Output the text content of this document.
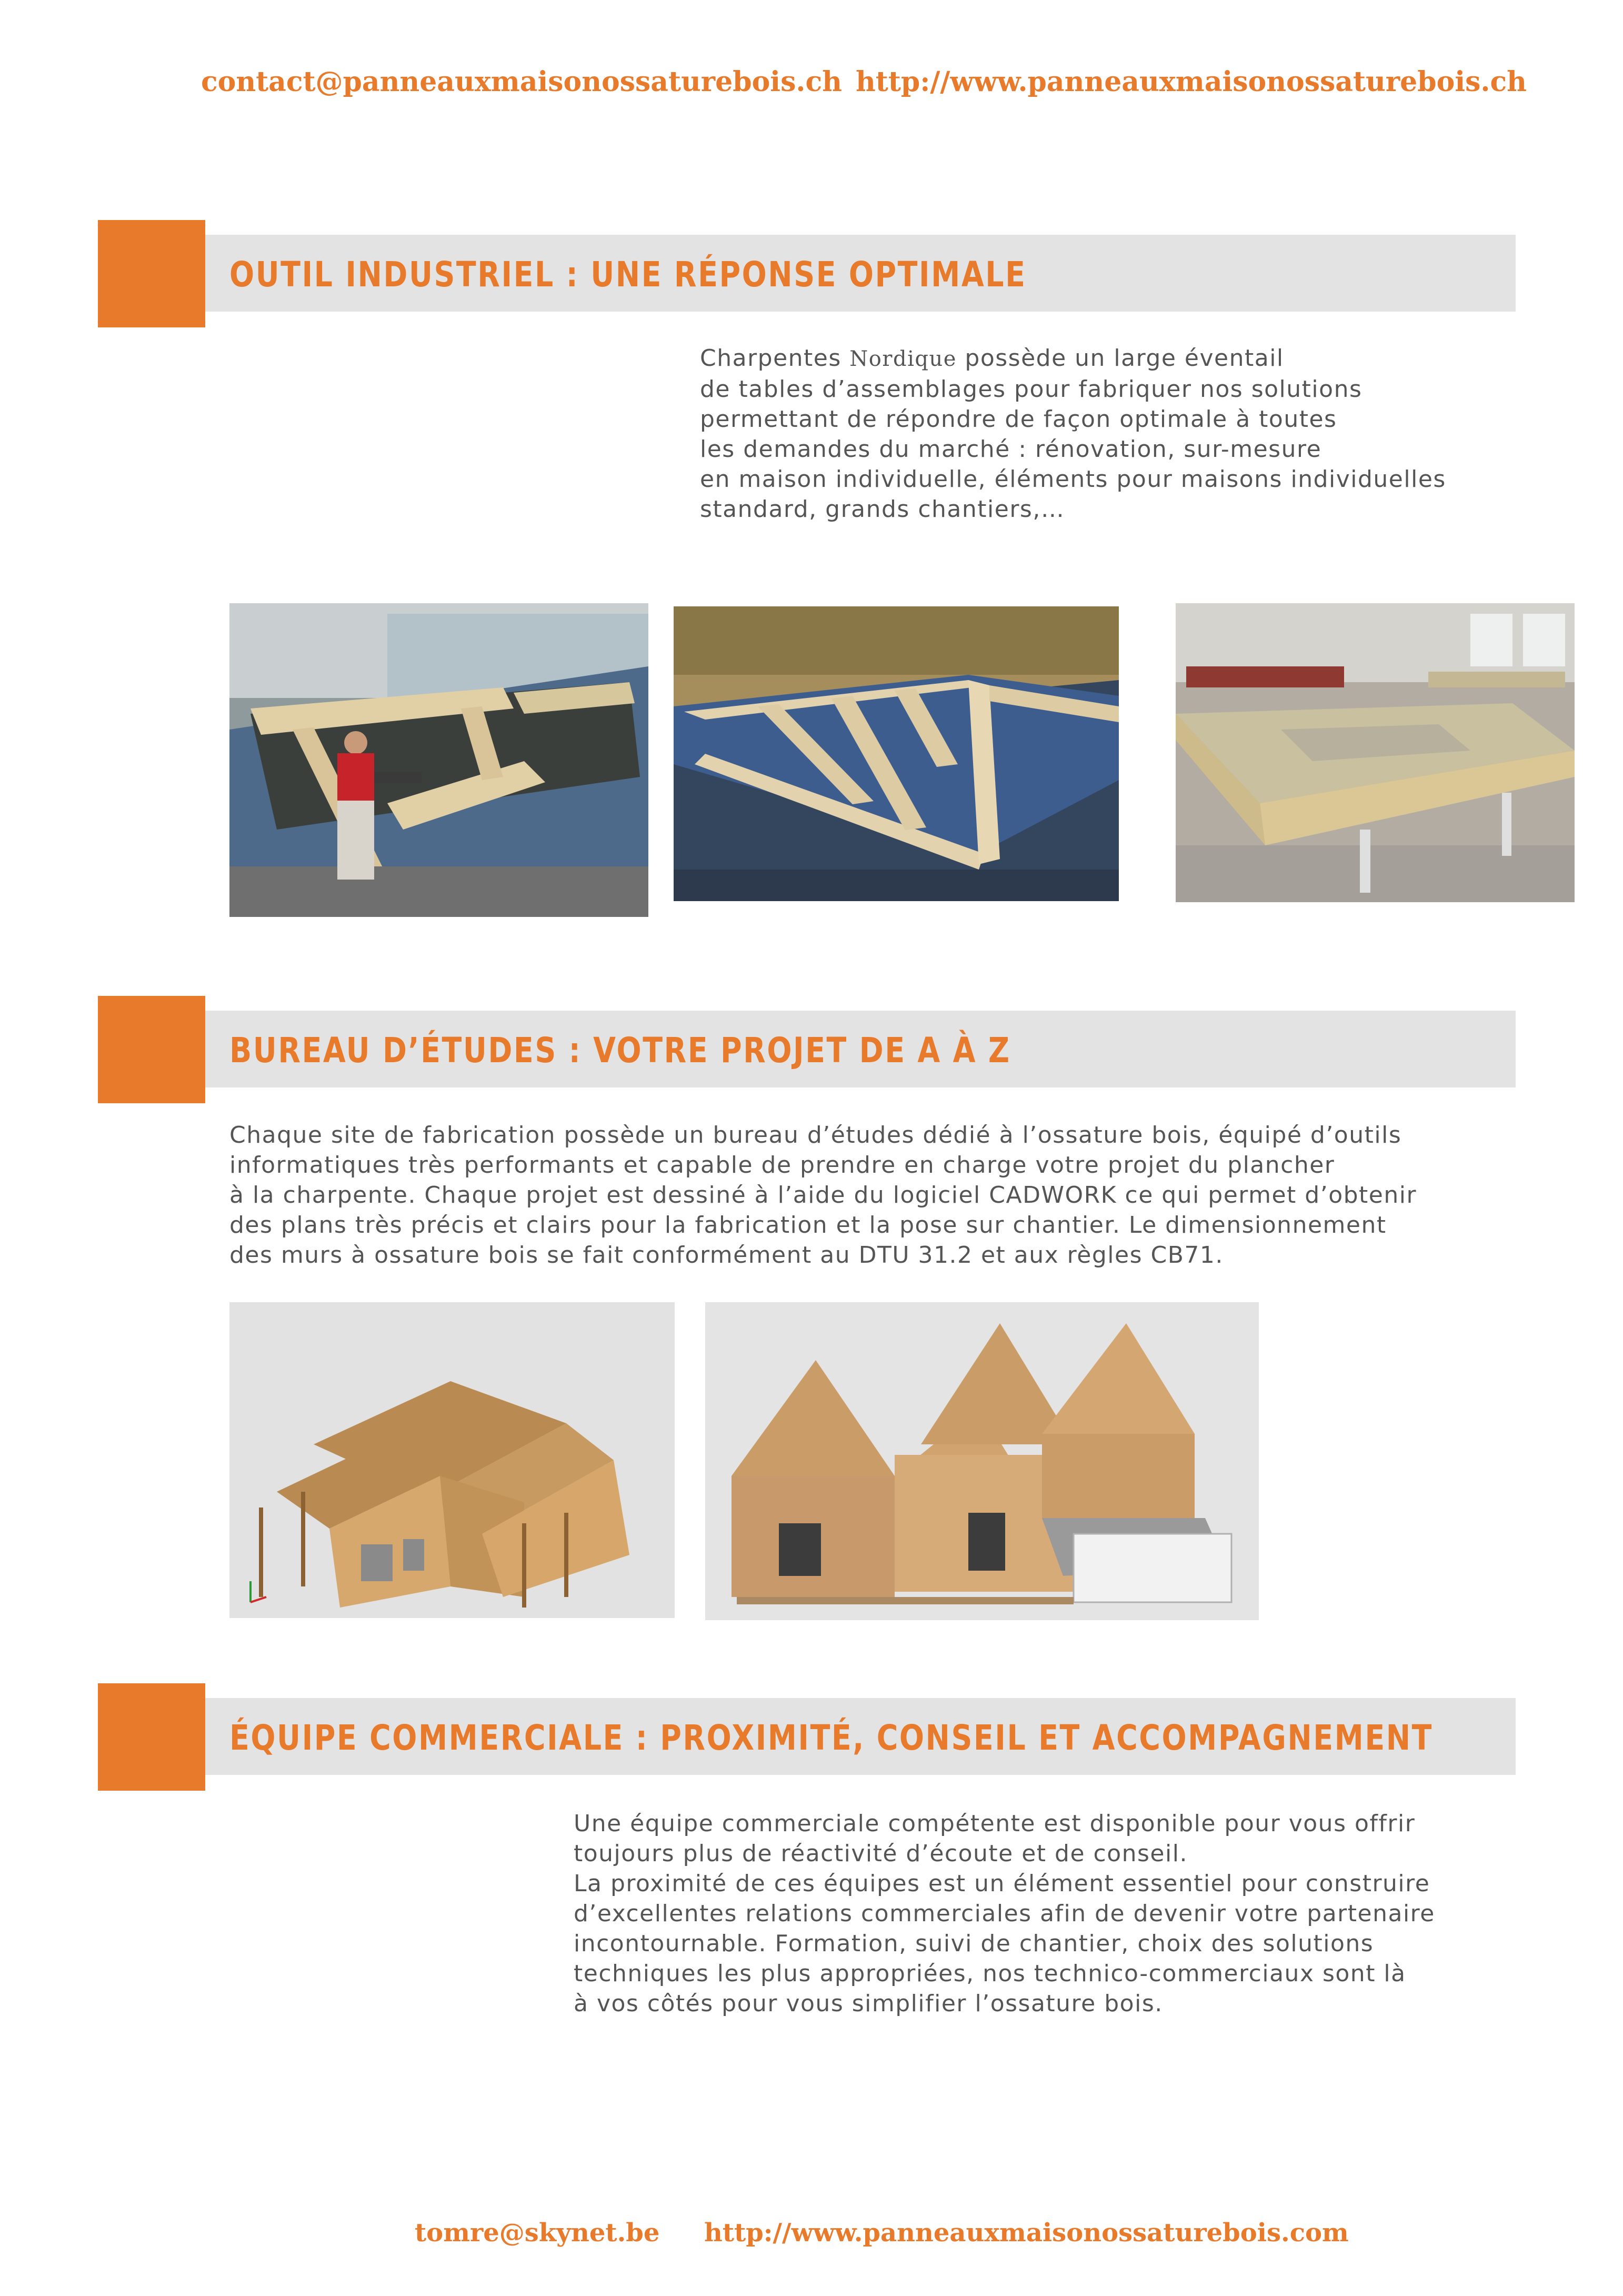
contact@panneauxmaisonossaturebois.ch http://www.panneauxmaisonossaturebois.ch
OUTIL INDUSTRIEL : UNE RÉPONSE OPTIMALE
Charpentes Nordique possède un large éventail
de tables d’assemblages pour fabriquer nos solutions
permettant de répondre de façon optimale à toutes
les demandes du marché : rénovation, sur-mesure
en maison individuelle, éléments pour maisons individuelles
standard, grands chantiers,…
BUREAU D’ÉTUDES : VOTRE PROJET DE A À Z
Chaque site de fabrication possède un bureau d’études dédié à l’ossature bois, équipé d’outils
informatiques très performants et capable de prendre en charge votre projet du plancher
à la charpente. Chaque projet est dessiné à l’aide du logiciel CADWORK ce qui permet d’obtenir
des plans très précis et clairs pour la fabrication et la pose sur chantier. Le dimensionnement
des murs à ossature bois se fait conformément au DTU 31.2 et aux règles CB71.
ÉQUIPE COMMERCIALE : PROXIMITÉ, CONSEIL ET ACCOMPAGNEMENT
Une équipe commerciale compétente est disponible pour vous offrir
toujours plus de réactivité d’écoute et de conseil.
La proximité de ces équipes est un élément essentiel pour construire
d’excellentes relations commerciales afin de devenir votre partenaire
incontournable. Formation, suivi de chantier, choix des solutions
techniques les plus appropriées, nos technico-commerciaux sont là
à vos côtés pour vous simplifier l’ossature bois.
tomre@skynet.be http://www.panneauxmaisonossaturebois.com
